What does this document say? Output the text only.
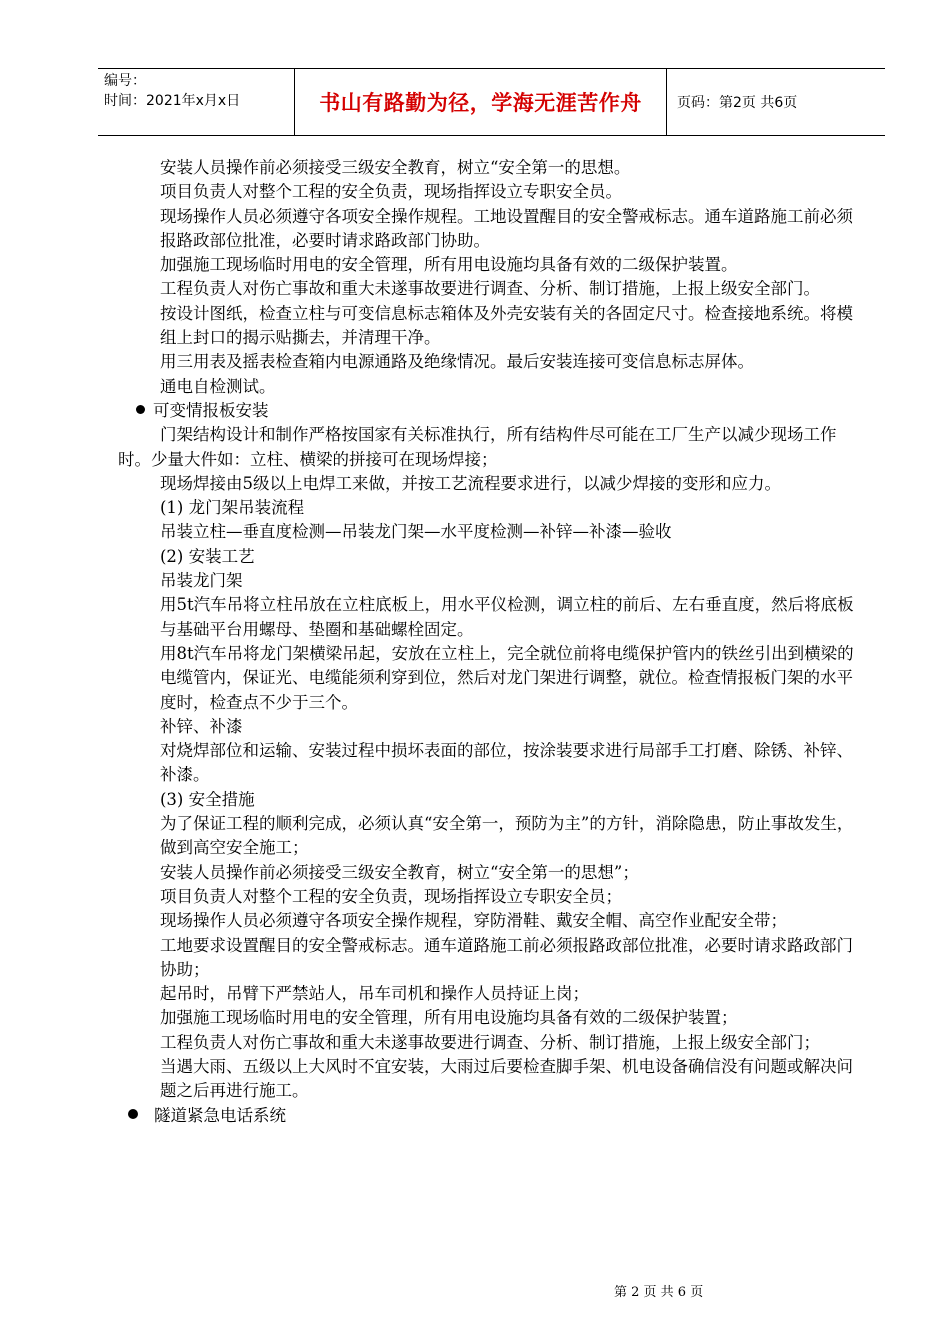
编号：
时间：2021年x月x日	书山有路勤为径，学海无涯苦作舟	页码：第2页 共6页
安装人员操作前必须接受三级安全教育，树立“安全第一的思想。
项目负责人对整个工程的安全负责，现场指挥设立专职安全员。
现场操作人员必须遵守各项安全操作规程。工地设置醒目的安全警戒标志。通车道路施工前必须报路政部位批准，必要时请求路政部门协助。
加强施工现场临时用电的安全管理，所有用电设施均具备有效的二级保护装置。
工程负责人对伤亡事故和重大未遂事故要进行调查、分析、制订措施，上报上级安全部门。
按设计图纸，检查立柱与可变信息标志箱体及外壳安装有关的各固定尺寸。检查接地系统。将模组上封口的揭示贴撕去，并清理干净。
用三用表及摇表检查箱内电源通路及绝缘情况。最后安装连接可变信息标志屏体。
通电自检测试。
可变情报板安装
门架结构设计和制作严格按国家有关标准执行，所有结构件尽可能在工厂生产以减少现场工作时。少量大件如：立柱、横梁的拼接可在现场焊接；
现场焊接由5级以上电焊工来做，并按工艺流程要求进行，以减少焊接的变形和应力。
(1) 龙门架吊装流程
吊装立柱—垂直度检测—吊装龙门架—水平度检测—补锌—补漆—验收
(2) 安装工艺
吊装龙门架
用5t汽车吊将立柱吊放在立柱底板上，用水平仪检测，调立柱的前后、左右垂直度，然后将底板与基础平台用螺母、垫圈和基础螺栓固定。
用8t汽车吊将龙门架横梁吊起，安放在立柱上，完全就位前将电缆保护管内的铁丝引出到横梁的电缆管内，保证光、电缆能须利穿到位，然后对龙门架进行调整，就位。检查情报板门架的水平度时，检查点不少于三个。
补锌、补漆
对烧焊部位和运输、安装过程中损坏表面的部位，按涂装要求进行局部手工打磨、除锈、补锌、补漆。
(3) 安全措施
为了保证工程的顺利完成，必须认真“安全第一，预防为主”的方针，消除隐患，防止事故发生，做到高空安全施工；
安装人员操作前必须接受三级安全教育，树立“安全第一的思想”；
项目负责人对整个工程的安全负责，现场指挥设立专职安全员；
现场操作人员必须遵守各项安全操作规程，穿防滑鞋、戴安全帽、高空作业配安全带；
工地要求设置醒目的安全警戒标志。通车道路施工前必须报路政部位批准，必要时请求路政部门协助；
起吊时，吊臂下严禁站人，吊车司机和操作人员持证上岗；
加强施工现场临时用电的安全管理，所有用电设施均具备有效的二级保护装置；
工程负责人对伤亡事故和重大未遂事故要进行调查、分析、制订措施，上报上级安全部门；
当遇大雨、五级以上大风时不宜安装，大雨过后要检查脚手架、机电设备确信没有问题或解决问题之后再进行施工。
隧道紧急电话系统
第 2 页 共 6 页
